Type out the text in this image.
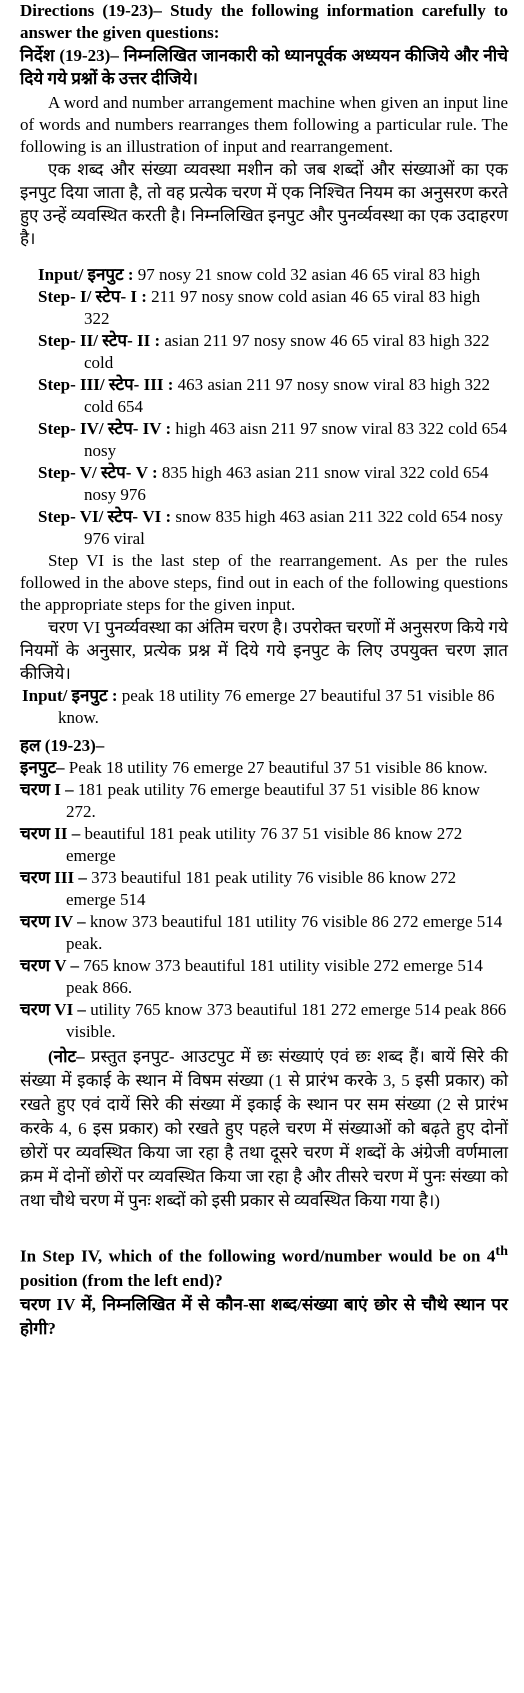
Directions (19-23)– Study the following information carefully to answer the given questions:
निर्देश (19-23)– निम्नलिखित जानकारी को ध्यानपूर्वक अध्ययन कीजिये और नीचे दिये गये प्रश्नों के उत्तर दीजिये।
A word and number arrangement machine when given an input line of words and numbers rearranges them following a particular rule. The following is an illustration of input and rearrangement.
एक शब्द और संख्या व्यवस्था मशीन को जब शब्दों और संख्याओं का एक इनपुट दिया जाता है, तो वह प्रत्येक चरण में एक निश्चित नियम का अनुसरण करते हुए उन्हें व्यवस्थित करती है। निम्नलिखित इनपुट और पुनर्व्यवस्था का एक उदाहरण है।
Input/ इनपुट : 97 nosy 21 snow cold 32 asian 46 65 viral 83 high
Step- I/ स्टेप- I : 211 97 nosy snow cold asian 46 65 viral 83 high 322
Step- II/ स्टेप- II : asian 211 97 nosy snow 46 65 viral 83 high 322 cold
Step- III/ स्टेप- III : 463 asian 211 97 nosy snow viral 83 high 322 cold 654
Step- IV/ स्टेप- IV : high 463 aisn 211 97 snow viral 83 322 cold 654 nosy
Step- V/ स्टेप- V : 835 high 463 asian 211 snow viral 322 cold 654 nosy 976
Step- VI/ स्टेप- VI : snow 835 high 463 asian 211 322 cold 654 nosy 976 viral
Step VI is the last step of the rearrangement. As per the rules followed in the above steps, find out in each of the following questions the appropriate steps for the given input.
चरण VI पुनर्व्यवस्था का अंतिम चरण है। उपरोक्त चरणों में अनुसरण किये गये नियमों के अनुसार, प्रत्येक प्रश्न में दिये गये इनपुट के लिए उपयुक्त चरण ज्ञात कीजिये।
Input/ इनपुट : peak 18 utility 76 emerge 27 beautiful 37 51 visible 86 know.
हल (19-23)–
इनपुट– Peak 18 utility 76 emerge 27 beautiful 37 51 visible 86 know.
चरण I – 181 peak utility 76 emerge beautiful 37 51 visible 86 know 272.
चरण II – beautiful 181 peak utility 76 37 51 visible 86 know 272 emerge
चरण III – 373 beautiful 181 peak utility 76 visible 86 know 272 emerge 514
चरण IV – know 373 beautiful 181 utility 76 visible 86 272 emerge 514 peak.
चरण V – 765 know 373 beautiful 181 utility visible 272 emerge 514 peak 866.
चरण VI – utility 765 know 373 beautiful 181 272 emerge 514 peak 866 visible.
(नोट– प्रस्तुत इनपुट- आउटपुट में छः संख्याएं एवं छः शब्द हैं। बायें सिरे की संख्या में इकाई के स्थान में विषम संख्या (1 से प्रारंभ करके 3, 5 इसी प्रकार) को रखते हुए एवं दायें सिरे की संख्या में इकाई के स्थान पर सम संख्या (2 से प्रारंभ करके 4, 6 इस प्रकार) को रखते हुए पहले चरण में संख्याओं को बढ़ते हुए दोनों छोरों पर व्यवस्थित किया जा रहा है तथा दूसरे चरण में शब्दों के अंग्रेजी वर्णमाला क्रम में दोनों छोरों पर व्यवस्थित किया जा रहा है और तीसरे चरण में पुनः संख्या को तथा चौथे चरण में पुनः शब्दों को इसी प्रकार से व्यवस्थित किया गया है।)
In Step IV, which of the following word/number would be on 4th position (from the left end)?
चरण IV में, निम्नलिखित में से कौन-सा शब्द/संख्या बाएं छोर से चौथे स्थान पर होगी?
